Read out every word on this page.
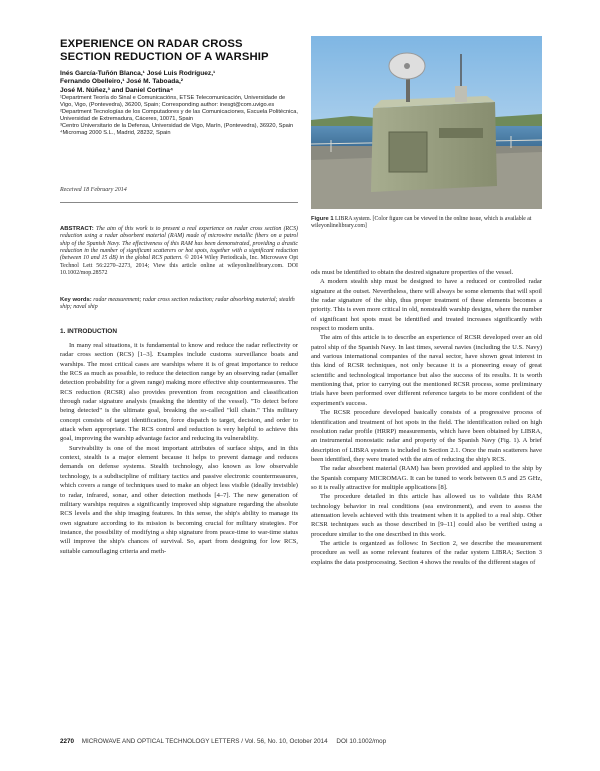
EXPERIENCE ON RADAR CROSS SECTION REDUCTION OF A WARSHIP
Inés García-Tuñón Blanca,¹ José Luis Rodríguez,¹
Fernando Obelleiro,¹ José M. Taboada,²
José M. Núñez,³ and Daniel Cortina⁴

¹Department Teoría do Sinal e Comunicacións, ETSE Telecomunicación, Universidade de Vigo, Vigo, (Pontevedra), 36200, Spain; Corresponding author: inesgt@com.uvigo.es

²Department Tecnologías de los Computadores y de las Comunicaciones, Escuela Politécnica, Universidad de Extremadura, Cáceres, 10071, Spain

³Centro Universitario de la Defensa, Universidad de Vigo, Marín, (Pontevedra), 36920, Spain

⁴Micromag 2000 S.L., Madrid, 28232, Spain

Received 18 February 2014
ABSTRACT: The aim of this work is to present a real experience on radar cross section (RCS) reduction using a radar absorbent material (RAM) made of microwire metallic fibers on a patrol ship of the Spanish Navy. The effectiveness of this RAM has been demonstrated, providing a drastic reduction in the number of significant scatterers or hot spots, together with a significant reduction (between 10 and 15 dB) in the global RCS pattern. © 2014 Wiley Periodicals, Inc. Microwave Opt Technol Lett 56:2270–2273, 2014; View this article online at wileyonlinelibrary.com. DOI 10.1002/mop.28572
Key words: radar measurement; radar cross section reduction; radar absorbing material; stealth ship; naval ship
1. INTRODUCTION

In many real situations, it is fundamental to know and reduce the radar reflectivity or radar cross section (RCS) [1–3]. Examples include customs surveillance boats and warships. The most critical cases are warships where it is of great importance to reduce the RCS as much as possible, to reduce the detection range by an observing radar (smaller detection probability for a given range) making more effective ship countermeasures. The RCS reduction (RCSR) also provides prevention from recognition and classification through radar signature analysis (masking the identity of the vessel). "To detect before being detected" is the ultimate goal, breaking the so-called "kill chain." This military concept consists of target identification, force dispatch to target, decision, and order to attack when appropriate. The RCS control and reduction is very helpful to achieve this goal, improving the warship advantage factor and reducing its vulnerability.

Survivability is one of the most important attributes of surface ships, and in this context, stealth is a major element because it helps to prevent damage and reduces demands on defense systems. Stealth technology, also known as low observable technology, is a subdiscipline of military tactics and passive electronic countermeasures, which covers a range of techniques used to make an object less visible (ideally invisible) to radar, infrared, sonar, and other detection methods [4–7]. The new generation of military warships requires a significantly improved ship signature regarding the absolute RCS levels and the ship imaging features. In this sense, the ship's ability to manage its own signature according to its mission is becoming crucial for military strategies. For instance, the possibility of modifying a ship signature from peace-time to war-time status will improve the ship's chances of survival. So, apart from designing for low RCS, suitable camouflaging criteria and meth-

Figure 1 LIBRA system. [Color figure can be viewed in the online issue, which is available at wileyonlinelibrary.com]

ods must be identified to obtain the desired signature properties of the vessel.

A modern stealth ship must be designed to have a reduced or controlled radar signature at the outset. Nevertheless, there will always be some elements that will spoil the radar signature of the ship, thus proper treatment of these elements becomes a priority. This is even more critical in old, nonstealth warship designs, where the number of significant hot spots must be identified and treated increases significantly with respect to modern units.

The aim of this article is to describe an experience of RCSR developed over an old patrol ship of the Spanish Navy. In last times, several navies (including the U.S. Navy) and various international companies of the naval sector, have shown great interest in this kind of RCSR techniques, not only because it is a pioneering essay of great scientific and technological importance but also the success of its results. It is worth mentioning that, prior to carrying out the mentioned RCSR process, some preliminary trials have been performed over different reference targets to be more confident of the experiment's success.

The RCSR procedure developed basically consists of a progressive process of identification and treatment of hot spots in the field. The identification relied on high resolution radar profile (HRRP) measurements, which have been obtained by LIBRA, an instrumental monostatic radar and property of the Spanish Navy (Fig. 1). A brief description of LIBRA system is included in Section 2.1. Once the main scatterers have been identified, they were treated with the aim of reducing the ship's RCS.

The radar absorbent material (RAM) has been provided and applied to the ship by the Spanish company MICROMAG. It can be tuned to work between 0.5 and 25 GHz, so it is really attractive for multiple applications [8].

The procedure detailed in this article has allowed us to validate this RAM technology behavior in real conditions (sea environment), and even to assess the attenuation levels achieved with this treatment when it is applied to a real ship. Other RCSR techniques such as those described in [9–11] could also be verified using a procedure similar to the one described in this work.

The article is organized as follows: In Section 2, we describe the measurement procedure as well as some relevant features of the radar system LIBRA; Section 3 explains the data postprocessing. Section 4 shows the results of the different stages of

2270 MICROWAVE AND OPTICAL TECHNOLOGY LETTERS / Vol. 56, No. 10, October 2014 DOI 10.1002/mop
